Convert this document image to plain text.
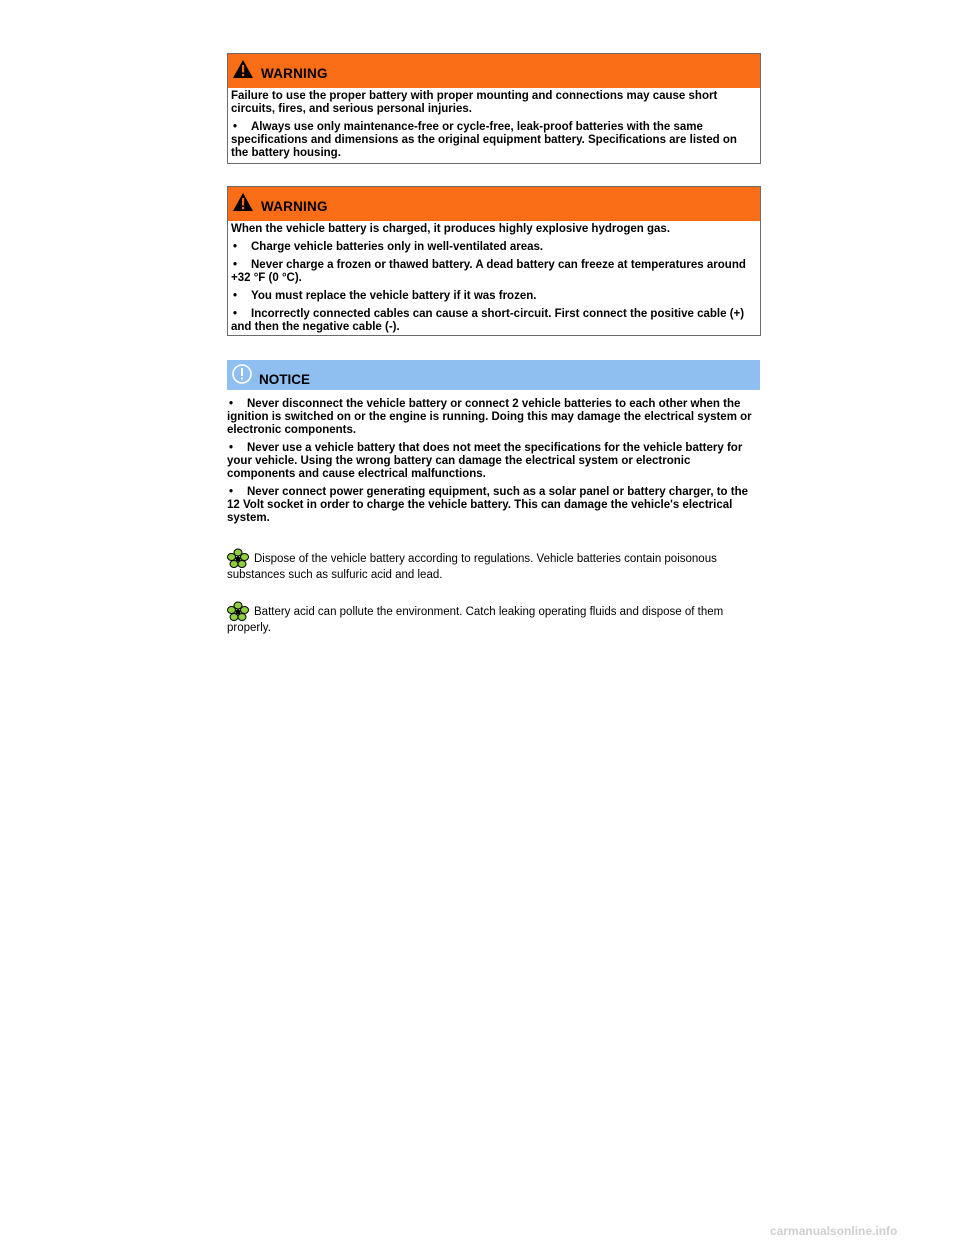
WARNING

Failure to use the proper battery with proper mounting and connections may cause short circuits, fires, and serious personal injuries.

• Always use only maintenance-free or cycle-free, leak-proof batteries with the same specifications and dimensions as the original equipment battery. Specifications are listed on the battery housing.

WARNING

When the vehicle battery is charged, it produces highly explosive hydrogen gas.

• Charge vehicle batteries only in well-ventilated areas.

• Never charge a frozen or thawed battery. A dead battery can freeze at temperatures around +32 °F (0 °C).

• You must replace the vehicle battery if it was frozen.

• Incorrectly connected cables can cause a short-circuit. First connect the positive cable (+) and then the negative cable (-).

NOTICE

• Never disconnect the vehicle battery or connect 2 vehicle batteries to each other when the ignition is switched on or the engine is running. Doing this may damage the electrical system or electronic components.

• Never use a vehicle battery that does not meet the specifications for the vehicle battery for your vehicle. Using the wrong battery can damage the electrical system or electronic components and cause electrical malfunctions.

• Never connect power generating equipment, such as a solar panel or battery charger, to the 12 Volt socket in order to charge the vehicle battery. This can damage the vehicle's electrical system.

Dispose of the vehicle battery according to regulations. Vehicle batteries contain poisonous substances such as sulfuric acid and lead.
Battery acid can pollute the environment. Catch leaking operating fluids and dispose of them properly.
carmanualsonline.info
